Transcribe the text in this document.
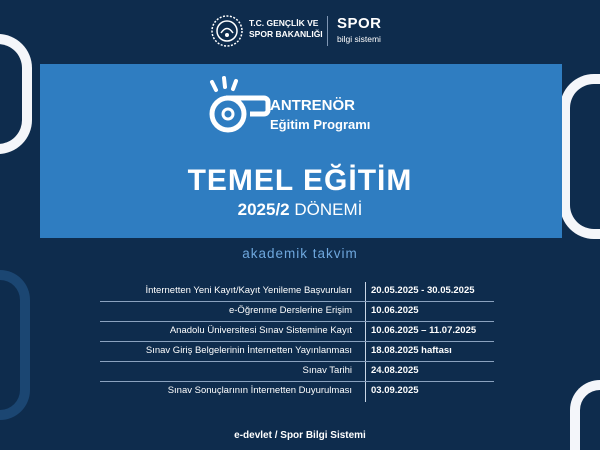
T.C. GENÇLİK VE
SPOR BAKANLIĞI
SPOR
bilgi sistemi
ANTRENÖR
Eğitim Programı
TEMEL EĞİTİM
2025/2 DÖNEMİ
akademik takvim
İnternetten Yeni Kayıt/Kayıt Yenileme Başvuruları 20.05.2025 - 30.05.2025
e-Öğrenme Derslerine Erişim 10.06.2025
Anadolu Üniversitesi Sınav Sistemine Kayıt 10.06.2025 – 11.07.2025
Sınav Giriş Belgelerinin İnternetten Yayınlanması 18.08.2025 haftası
Sınav Tarihi 24.08.2025
Sınav Sonuçlarının İnternetten Duyurulması 03.09.2025
e-devlet / Spor Bilgi Sistemi
